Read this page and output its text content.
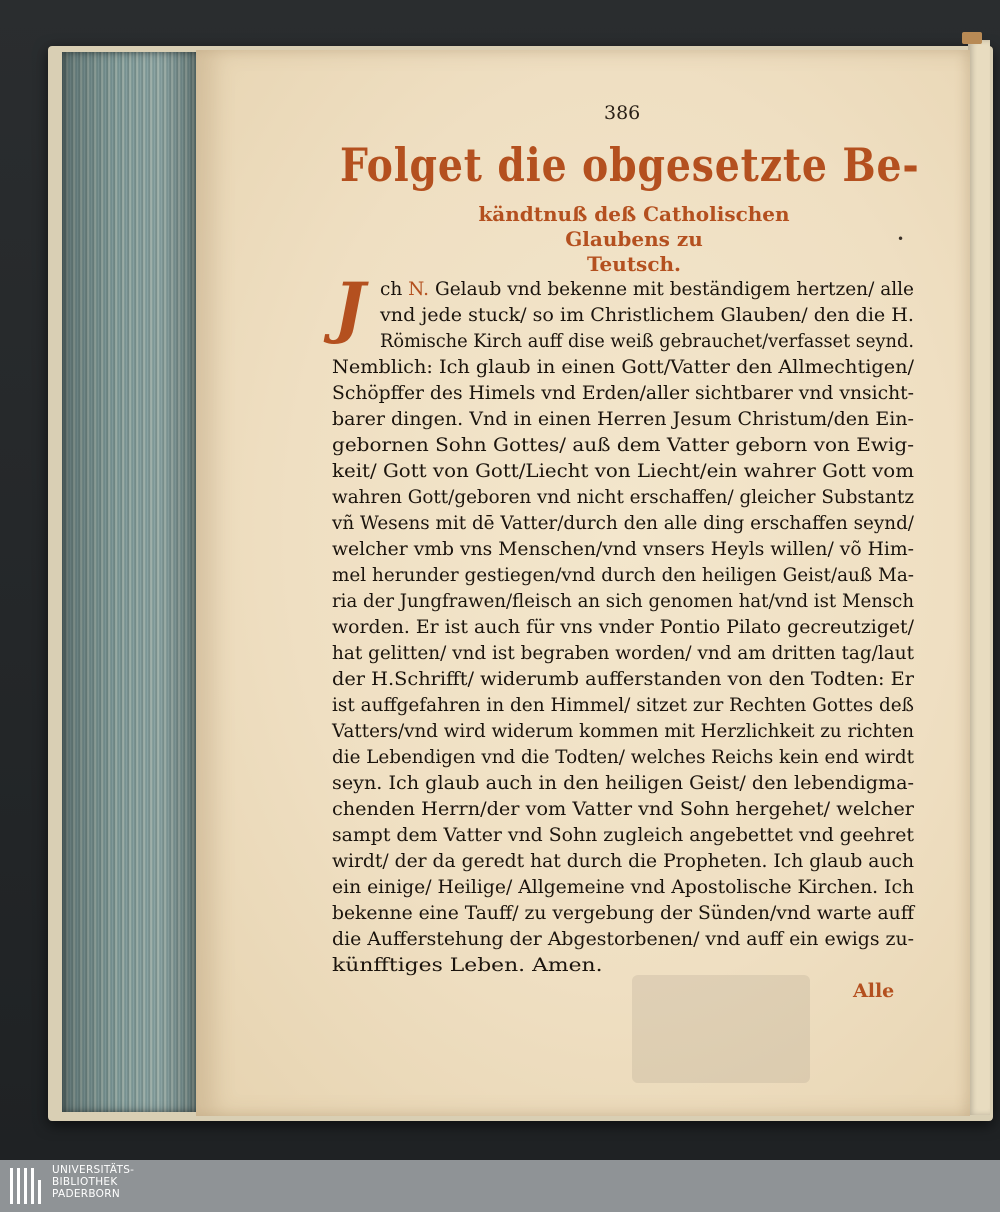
386
Folget die obgesetzte Be-
kändtnuß deß Catholischen Glaubens zu
Teutsch.
•
J ch N. Gelaub vnd bekenne mit beständigem hertzen/ alle
vnd jede stuck/ so im Christlichem Glauben/ den die H.
Römische Kirch auff dise weiß gebrauchet/verfasset seynd.
Nemblich: Ich glaub in einen Gott/Vatter den Allmechtigen/
Schöpffer des Himels vnd Erden/aller sichtbarer vnd vnsicht-
barer dingen. Vnd in einen Herren Jesum Christum/den Ein-
gebornen Sohn Gottes/ auß dem Vatter geborn von Ewig-
keit/ Gott von Gott/Liecht von Liecht/ein wahrer Gott vom
wahren Gott/geboren vnd nicht erschaffen/ gleicher Substantz
vñ Wesens mit dē Vatter/durch den alle ding erschaffen seynd/
welcher vmb vns Menschen/vnd vnsers Heyls willen/ võ Him-
mel herunder gestiegen/vnd durch den heiligen Geist/auß Ma-
ria der Jungfrawen/fleisch an sich genomen hat/vnd ist Mensch
worden. Er ist auch für vns vnder Pontio Pilato gecreutziget/
hat gelitten/ vnd ist begraben worden/ vnd am dritten tag/laut
der H.Schrifft/ widerumb aufferstanden von den Todten: Er
ist auffgefahren in den Himmel/ sitzet zur Rechten Gottes deß
Vatters/vnd wird widerum kommen mit Herzlichkeit zu richten
die Lebendigen vnd die Todten/ welches Reichs kein end wirdt
seyn. Ich glaub auch in den heiligen Geist/ den lebendigma-
chenden Herrn/der vom Vatter vnd Sohn hergehet/ welcher
sampt dem Vatter vnd Sohn zugleich angebettet vnd geehret
wirdt/ der da geredt hat durch die Propheten. Ich glaub auch
ein einige/ Heilige/ Allgemeine vnd Apostolische Kirchen. Ich
bekenne eine Tauff/ zu vergebung der Sünden/vnd warte auff
die Aufferstehung der Abgestorbenen/ vnd auff ein ewigs zu-
künfftiges Leben. Amen.
Alle
UNIVERSITÄTS-
BIBLIOTHEK
PADERBORN
